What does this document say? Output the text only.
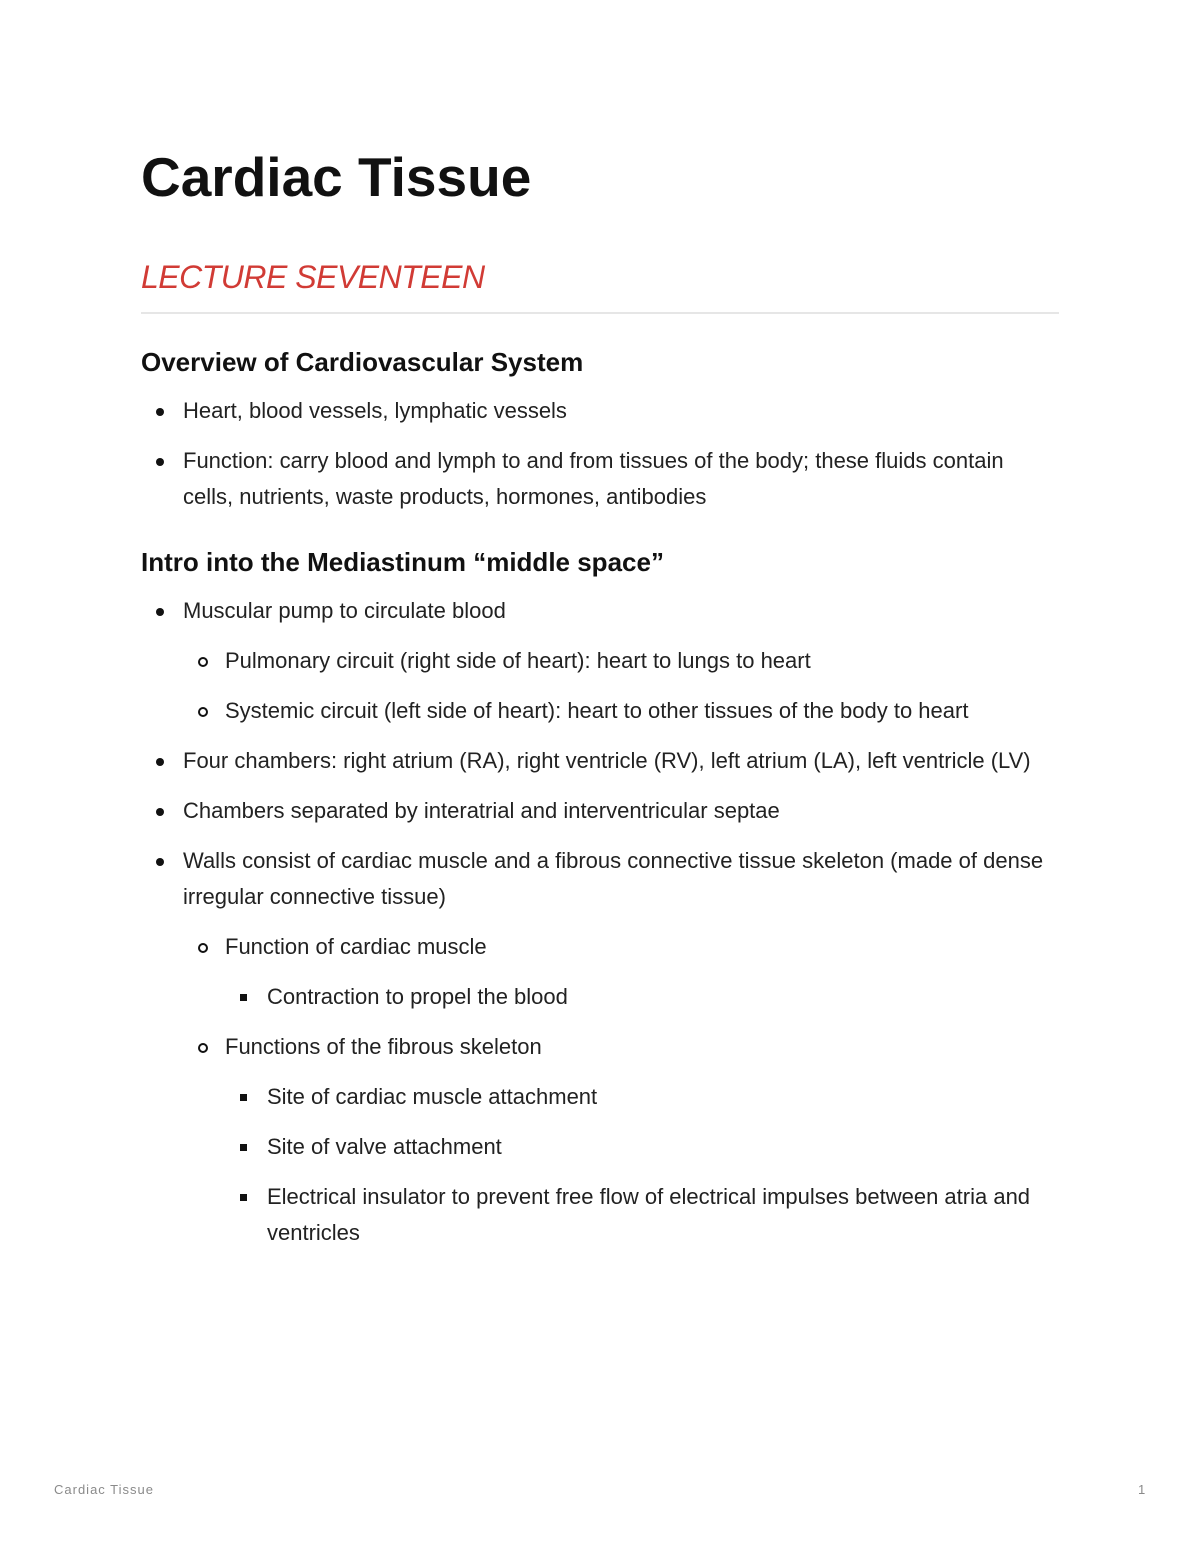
Cardiac Tissue
LECTURE SEVENTEEN
Overview of Cardiovascular System
Heart, blood vessels, lymphatic vessels
Function: carry blood and lymph to and from tissues of the body; these fluids contain cells, nutrients, waste products, hormones, antibodies
Intro into the Mediastinum “middle space”
Muscular pump to circulate blood
Pulmonary circuit (right side of heart): heart to lungs to heart
Systemic circuit (left side of heart): heart to other tissues of the body to heart
Four chambers: right atrium (RA), right ventricle (RV), left atrium (LA), left ventricle (LV)
Chambers separated by interatrial and interventricular septae
Walls consist of cardiac muscle and a fibrous connective tissue skeleton (made of dense irregular connective tissue)
Function of cardiac muscle
Contraction to propel the blood
Functions of the fibrous skeleton
Site of cardiac muscle attachment
Site of valve attachment
Electrical insulator to prevent free flow of electrical impulses between atria and ventricles
Cardiac Tissue	1
